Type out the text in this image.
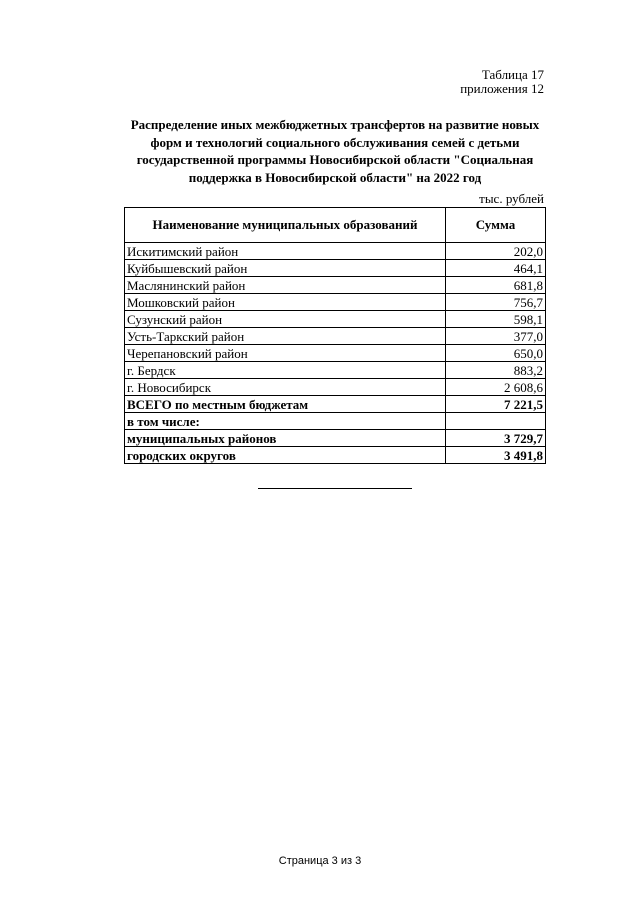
Таблица 17
приложения 12
Распределение иных межбюджетных трансфертов на развитие новых форм и технологий социального обслуживания семей с детьми государственной программы Новосибирской области "Социальная поддержка в Новосибирской области" на 2022 год
тыс. рублей
Наименование муниципальных образований	Сумма
Искитимский район	202,0
Куйбышевский район	464,1
Маслянинский район	681,8
Мошковский район	756,7
Сузунский район	598,1
Усть-Таркский район	377,0
Черепановский район	650,0
г. Бердск	883,2
г. Новосибирск	2 608,6
ВСЕГО по местным бюджетам	7 221,5
в том числе:	
муниципальных районов	3 729,7
городских округов	3 491,8
Страница 3 из 3
